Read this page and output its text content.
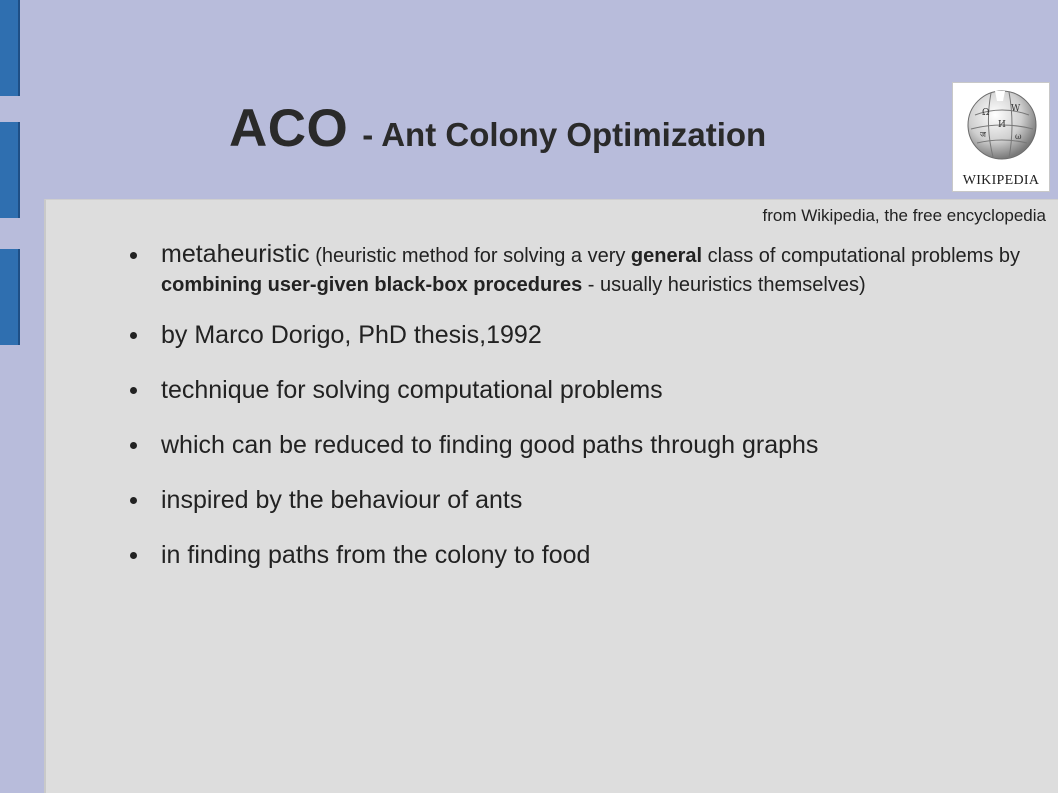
ACO - Ant Colony Optimization
Ω W
И
ज	ω
WIKIPEDIA
from Wikipedia, the free encyclopedia
metaheuristic (heuristic method for solving a very general class of computational problems by combining user-given black-box procedures - usually heuristics themselves)
by Marco Dorigo, PhD thesis,1992
technique for solving computational problems
which can be reduced to finding good paths through graphs
inspired by the behaviour of ants
in finding paths from the colony to food
